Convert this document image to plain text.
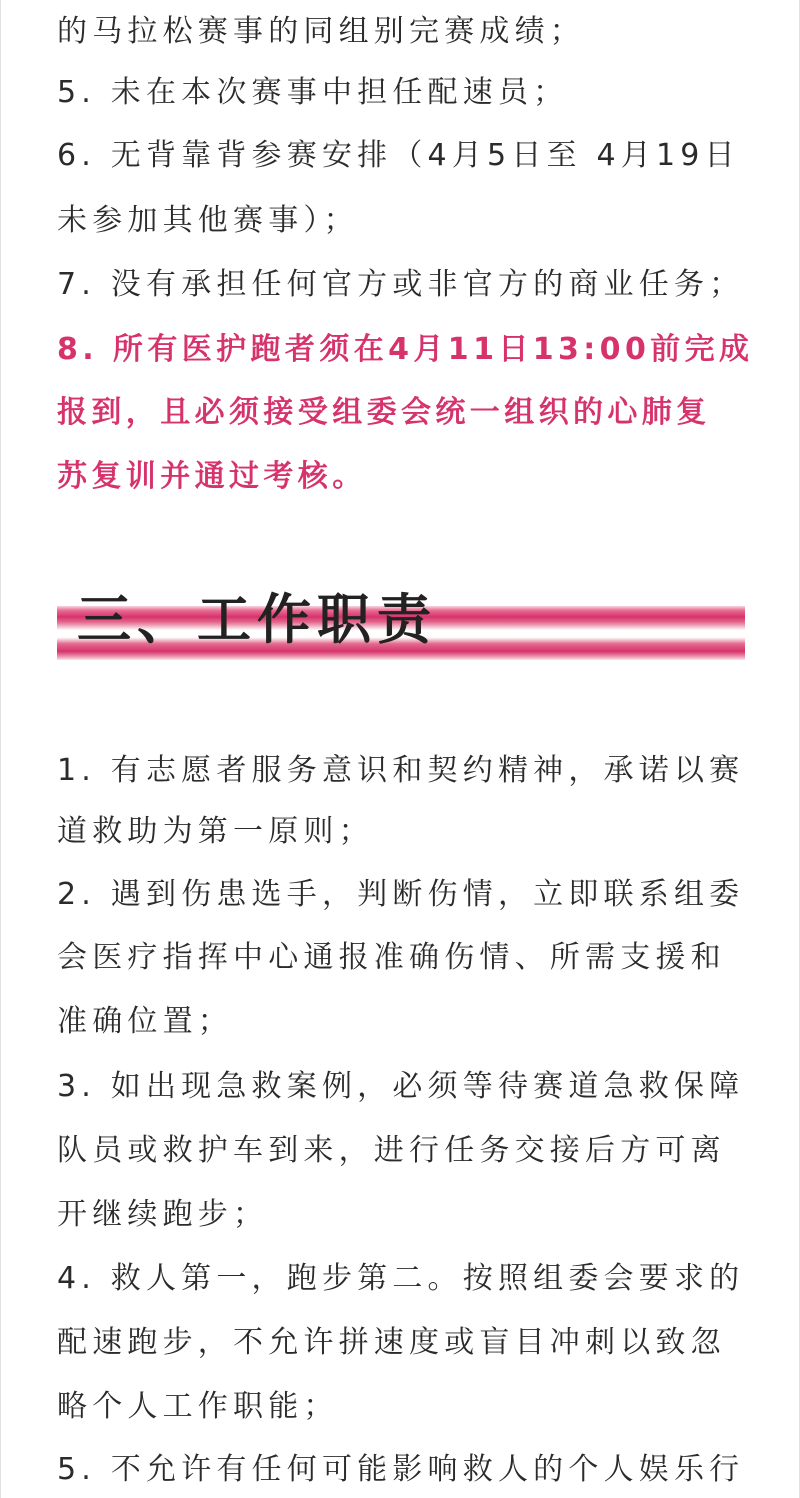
的马拉松赛事的同组别完赛成绩；
5. 未在本次赛事中担任配速员；
6. 无背靠背参赛安排（4月5日至 4月19日
未参加其他赛事）；
7. 没有承担任何官方或非官方的商业任务；
8. 所有医护跑者须在4月11日13:00前完成
报到，且必须接受组委会统一组织的心肺复
苏复训并通过考核。
三、工作职责
1. 有志愿者服务意识和契约精神，承诺以赛
道救助为第一原则；
2. 遇到伤患选手，判断伤情，立即联系组委
会医疗指挥中心通报准确伤情、所需支援和
准确位置；
3. 如出现急救案例，必须等待赛道急救保障
队员或救护车到来，进行任务交接后方可离
开继续跑步；
4. 救人第一，跑步第二。按照组委会要求的
配速跑步，不允许拼速度或盲目冲刺以致忽
略个人工作职能；
5. 不允许有任何可能影响救人的个人娱乐行
